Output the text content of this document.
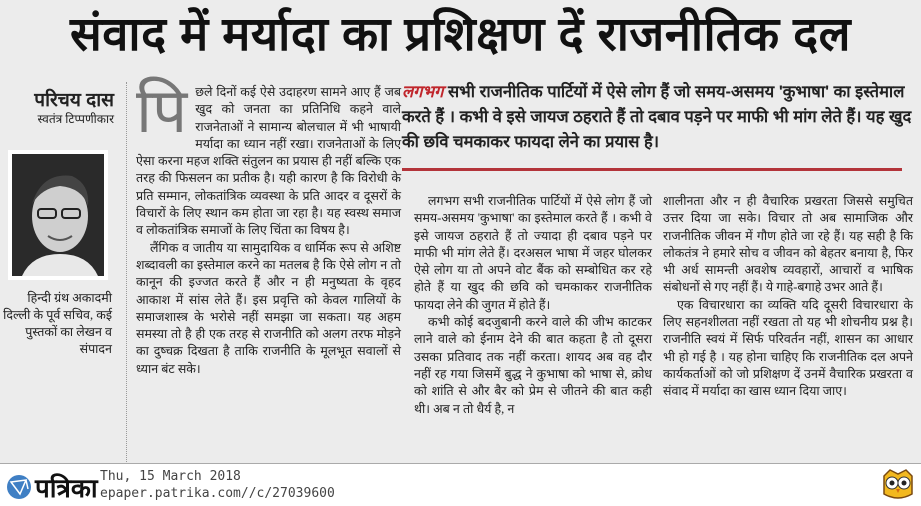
संवाद में मर्यादा का प्रशिक्षण दें राजनीतिक दल
परिचय दास
स्वतंत्र टिप्पणीकार
हिन्दी ग्रंथ अकादमी दिल्ली के पूर्व सचिव, कई पुस्तकों का लेखन व संपादन
पि छले दिनों कई ऐसे उदाहरण सामने आए हैं जब खुद को जनता का प्रतिनिधि कहने वाले राजनेताओं ने सामान्य बोलचाल में भी भाषायी मर्यादा का ध्यान नहीं रखा। राजनेताओं के लिए ऐसा करना महज शक्ति संतुलन का प्रयास ही नहीं बल्कि एक तरह की फिसलन का प्रतीक है। यही कारण है कि विरोधी के प्रति सम्मान, लोकतांत्रिक व्यवस्था के प्रति आदर व दूसरों के विचारों के लिए स्थान कम होता जा रहा है। यह स्वस्थ समाज व लोकतांत्रिक समाजों के लिए चिंता का विषय है।

लैंगिक व जातीय या सामुदायिक व धार्मिक रूप से अशिष्ट शब्दावली का इस्तेमाल करने का मतलब है कि ऐसे लोग न तो कानून की इज्जत करते हैं और न ही मनुष्यता के वृहद आकाश में सांस लेते हैं। इस प्रवृत्ति को केवल गालियों के समाजशास्त्र के भरोसे नहीं समझा जा सकता। यह अहम समस्या तो है ही एक तरह से राजनीति को अलग तरफ मोड़ने का दुष्चक्र दिखता है ताकि राजनीति के मूलभूत सवालों से ध्यान बंट सके।

लगभग सभी राजनीतिक पार्टियों में ऐसे लोग हैं जो समय-असमय 'कुभाषा' का इस्तेमाल करते हैं । कभी वे इसे जायज ठहराते हैं तो दबाव पड़ने पर माफी भी मांग लेते हैं। यह खुद की छवि चमकाकर फायदा लेने का प्रयास है।

लगभग सभी राजनीतिक पार्टियों में ऐसे लोग हैं जो समय-असमय 'कुभाषा' का इस्तेमाल करते हैं । कभी वे इसे जायज ठहराते हैं तो ज्यादा ही दबाव पड़ने पर माफी भी मांग लेते हैं। दरअसल भाषा में जहर घोलकर ऐसे लोग या तो अपने वोट बैंक को सम्बोधित कर रहे होते हैं या खुद की छवि को चमकाकर राजनीतिक फायदा लेने की जुगत में होते हैं।

कभी कोई बदजुबानी करने वाले की जीभ काटकर लाने वाले को ईनाम देने की बात कहता है तो दूसरा उसका प्रतिवाद तक नहीं करता। शायद अब वह दौर नहीं रह गया जिसमें बुद्ध ने कुभाषा को भाषा से, क्रोध को शांति से और बैर को प्रेम से जीतने की बात कही थी। अब न तो धैर्य है, न

शालीनता और न ही वैचारिक प्रखरता जिससे समुचित उत्तर दिया जा सके। विचार तो अब सामाजिक और राजनीतिक जीवन में गौण होते जा रहे हैं। यह सही है कि लोकतंत्र ने हमारे सोच व जीवन को बेहतर बनाया है, फिर भी अर्ध सामन्ती अवशेष व्यवहारों, आचारों व भाषिक संबोधनों से गए नहीं हैं। ये गाहे-बगाहे उभर आते हैं।

एक विचारधारा का व्यक्ति यदि दूसरी विचारधारा के लिए सहनशीलता नहीं रखता तो यह भी शोचनीय प्रश्न है। राजनीति स्वयं में सिर्फ परिवर्तन नहीं, शासन का आधार भी हो गई है । यह होना चाहिए कि राजनीतिक दल अपने कार्यकर्ताओं को जो प्रशिक्षण दें उनमें वैचारिक प्रखरता व संवाद में मर्यादा का खास ध्यान दिया जाए।

पत्रिका Thu, 15 March 2018
epaper.patrika.com//c/27039600
